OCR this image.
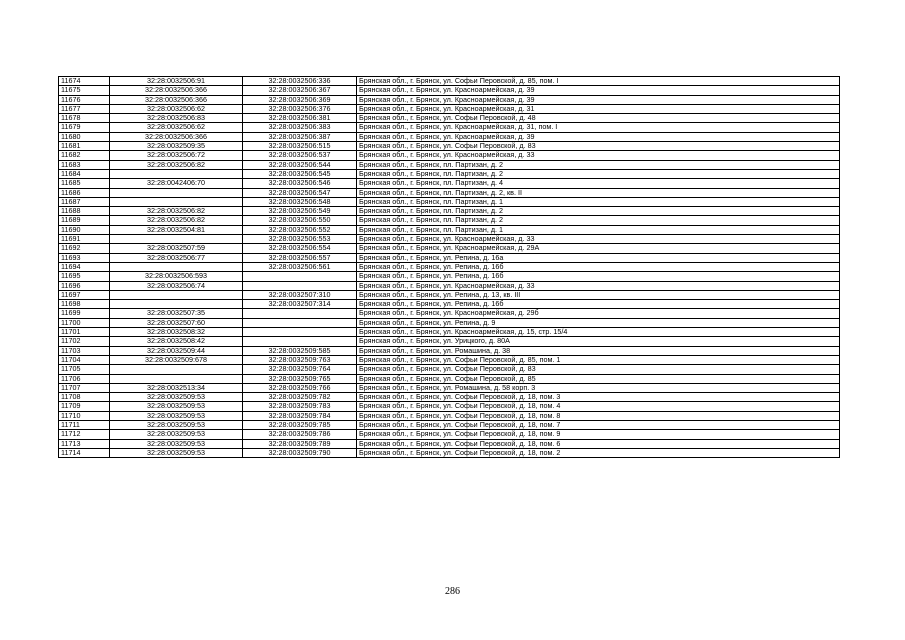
11674	32:28:0032506:91	32:28:0032506:336	Брянская обл., г. Брянск, ул. Софьи Перовской, д. 85, пом. I
11675	32:28:0032506:366	32:28:0032506:367	Брянская обл., г. Брянск, ул. Красноармейская, д. 39
11676	32:28:0032506:366	32:28:0032506:369	Брянская обл., г. Брянск, ул. Красноармейская, д. 39
11677	32:28:0032506:62	32:28:0032506:376	Брянская обл., г. Брянск, ул. Красноармейская, д. 31
11678	32:28:0032506:83	32:28:0032506:381	Брянская обл., г. Брянск, ул. Софьи Перовской, д. 48
11679	32:28:0032506:62	32:28:0032506:383	Брянская обл., г. Брянск, ул. Красноармейская, д. 31, пом. I
11680	32:28:0032506:366	32:28:0032506:387	Брянская обл., г. Брянск, ул. Красноармейская, д. 39
11681	32:28:0032509:35	32:28:0032506:515	Брянская обл., г. Брянск, ул. Софьи Перовской, д. 83
11682	32:28:0032506:72	32:28:0032506:537	Брянская обл., г. Брянск, ул. Красноармейская, д. 33
11683	32:28:0032506:82	32:28:0032506:544	Брянская обл., г. Брянск, пл. Партизан, д. 2
11684		32:28:0032506:545	Брянская обл., г. Брянск, пл. Партизан, д. 2
11685	32:28:0042406:70	32:28:0032506:546	Брянская обл., г. Брянск, пл. Партизан, д. 4
11686		32:28:0032506:547	Брянская обл., г. Брянск, пл. Партизан, д. 2, кв. II
11687		32:28:0032506:548	Брянская обл., г. Брянск, пл. Партизан, д. 1
11688	32:28:0032506:82	32:28:0032506:549	Брянская обл., г. Брянск, пл. Партизан, д. 2
11689	32:28:0032506:82	32:28:0032506:550	Брянская обл., г. Брянск, пл. Партизан, д. 2
11690	32:28:0032504:81	32:28:0032506:552	Брянская обл., г. Брянск, пл. Партизан, д. 1
11691		32:28:0032506:553	Брянская обл., г. Брянск, ул. Красноармейская, д. 33
11692	32:28:0032507:59	32:28:0032506:554	Брянская обл., г. Брянск, ул. Красноармейская, д. 29А
11693	32:28:0032506:77	32:28:0032506:557	Брянская обл., г. Брянск, ул. Репина, д. 16а
11694		32:28:0032506:561	Брянская обл., г. Брянск, ул. Репина, д. 16б
11695	32:28:0032506:593		Брянская обл., г. Брянск, ул. Репина, д. 16б
11696	32:28:0032506:74		Брянская обл., г. Брянск, ул. Красноармейская, д. 33
11697		32:28:0032507:310	Брянская обл., г. Брянск, ул. Репина, д. 13, кв. III
11698		32:28:0032507:314	Брянская обл., г. Брянск, ул. Репина, д. 16б
11699	32:28:0032507:35		Брянская обл., г. Брянск, ул. Красноармейская, д. 29б
11700	32:28:0032507:60		Брянская обл., г. Брянск, ул. Репина, д. 9
11701	32:28:0032508:32		Брянская обл., г. Брянск, ул. Красноармейская, д. 15, стр. 15/4
11702	32:28:0032508:42		Брянская обл., г. Брянск, ул. Урицкого, д. 80А
11703	32:28:0032509:44	32:28:0032509:585	Брянская обл., г. Брянск, ул. Ромашина, д. 38
11704	32:28:0032509:678	32:28:0032509:763	Брянская обл., г. Брянск, ул. Софьи Перовской, д. 85, пом. 1
11705		32:28:0032509:764	Брянская обл., г. Брянск, ул. Софьи Перовской, д. 83
11706		32:28:0032509:765	Брянская обл., г. Брянск, ул. Софьи Перовской, д. 85
11707	32:28:0032513:34	32:28:0032509:766	Брянская обл., г. Брянск, ул. Ромашина, д. 58 корп. 3
11708	32:28:0032509:53	32:28:0032509:782	Брянская обл., г. Брянск, ул. Софьи Перовской, д. 18, пом. 3
11709	32:28:0032509:53	32:28:0032509:783	Брянская обл., г. Брянск, ул. Софьи Перовской, д. 18, пом. 4
11710	32:28:0032509:53	32:28:0032509:784	Брянская обл., г. Брянск, ул. Софьи Перовской, д. 18, пом. 8
11711	32:28:0032509:53	32:28:0032509:785	Брянская обл., г. Брянск, ул. Софьи Перовской, д. 18, пом. 7
11712	32:28:0032509:53	32:28:0032509:786	Брянская обл., г. Брянск, ул. Софьи Перовской, д. 18, пом. 9
11713	32:28:0032509:53	32:28:0032509:789	Брянская обл., г. Брянск, ул. Софьи Перовской, д. 18, пом. 6
11714	32:28:0032509:53	32:28:0032509:790	Брянская обл., г. Брянск, ул. Софьи Перовской, д. 18, пом. 2
286
